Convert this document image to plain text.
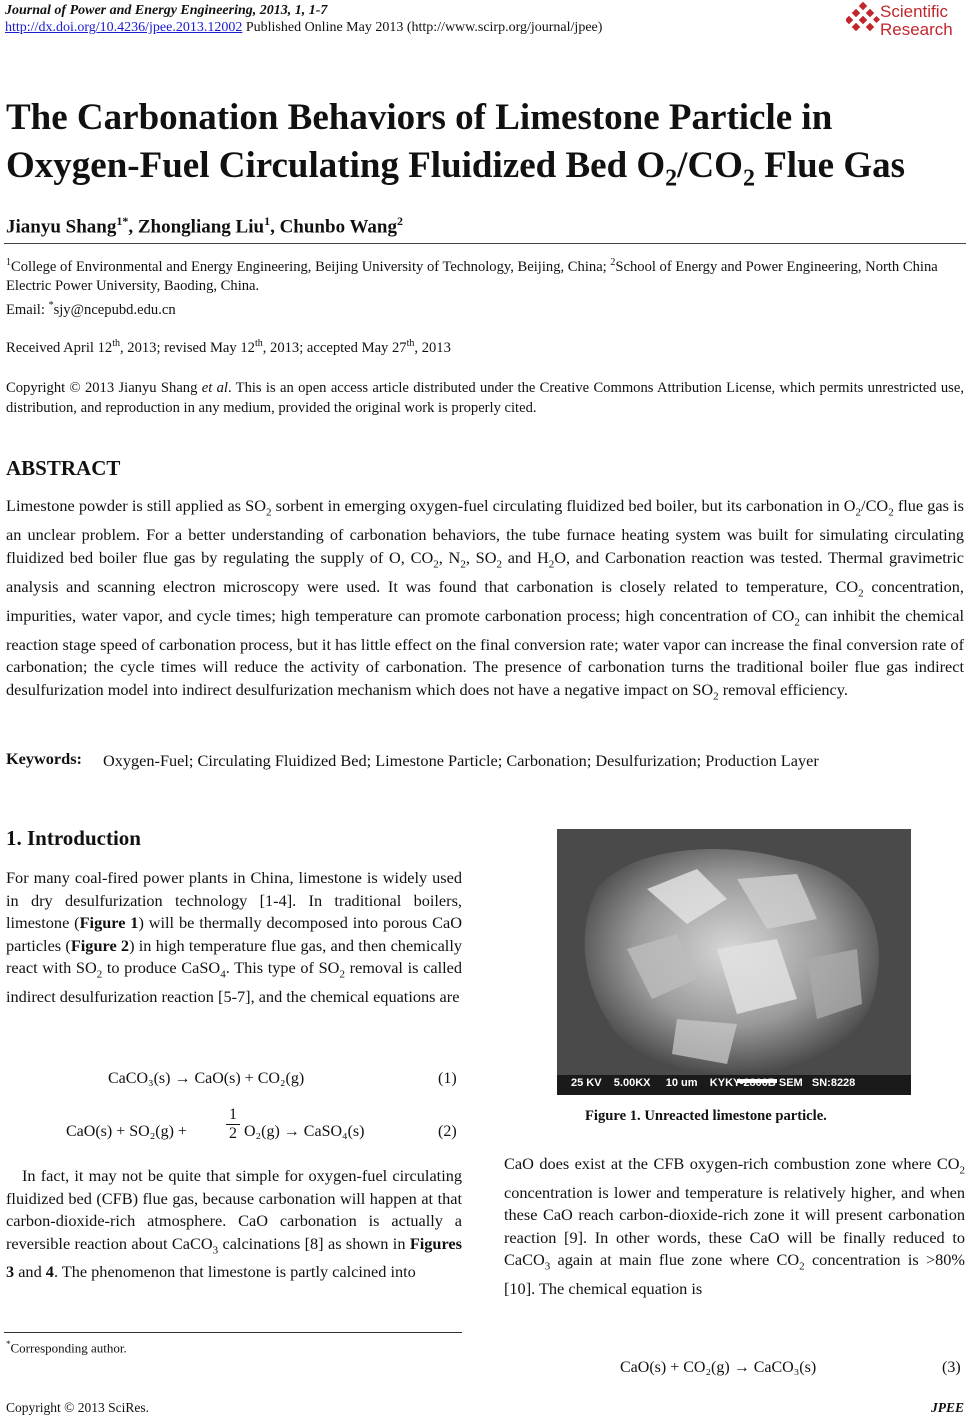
Journal of Power and Energy Engineering, 2013, 1, 1-7
http://dx.doi.org/10.4236/jpee.2013.12002 Published Online May 2013 (http://www.scirp.org/journal/jpee)
Scientific
Research
The Carbonation Behaviors of Limestone Particle in
Oxygen-Fuel Circulating Fluidized Bed $O_2/CO_2$ Flue Gas
Jianyu Shang$^{1*}$, Zhongliang Liu$^1$, Chunbo Wang$^2$
$^1$College of Environmental and Energy Engineering, Beijing University of Technology, Beijing, China; $^2$School of Energy and Power Engineering, North China Electric Power University, Baoding, China.
Email: *sjy@ncepubd.edu.cn
Received April 12th, 2013; revised May 12th, 2013; accepted May 27th, 2013
Copyright © 2013 Jianyu Shang et al. This is an open access article distributed under the Creative Commons Attribution License, which permits unrestricted use, distribution, and reproduction in any medium, provided the original work is properly cited.
ABSTRACT
Limestone powder is still applied as $SO_2$ sorbent in emerging oxygen-fuel circulating fluidized bed boiler, but its carbonation in $O_2/CO_2$ flue gas is an unclear problem. For a better understanding of carbonation behaviors, the tube furnace heating system was built for simulating circulating fluidized bed boiler flue gas by regulating the supply of O, $CO_2$, $N_2$, $SO_2$ and $H_2O$, and Carbonation reaction was tested. Thermal gravimetric analysis and scanning electron microscopy were used. It was found that carbonation is closely related to temperature, $CO_2$ concentration, impurities, water vapor, and cycle times; high temperature can promote carbonation process; high concentration of $CO_2$ can inhibit the chemical reaction stage speed of carbonation process, but it has little effect on the final conversion rate; water vapor can increase the final conversion rate of carbonation; the cycle times will reduce the activity of carbonation. The presence of carbonation turns the traditional boiler flue gas indirect desulfurization model into indirect desulfurization mechanism which does not have a negative impact on $SO_2$ removal efficiency.
Keywords: Oxygen-Fuel; Circulating Fluidized Bed; Limestone Particle; Carbonation; Desulfurization; Production Layer
1. Introduction
For many coal-fired power plants in China, limestone is widely used in dry desulfurization technology [1-4]. In traditional boilers, limestone (Figure 1) will be thermally decomposed into porous CaO particles (Figure 2) in high temperature flue gas, and then chemically react with $SO_2$ to produce CaSO$_4$. This type of $SO_2$ removal is called indirect desulfurization reaction [5-7], and the chemical equations are
CaCO₃(s) → CaO(s) + CO₂(g)	(1)
CaO(s) + SO₂(g) +
1
2 O₂(g) → CaSO₄(s)	(2)
In fact, it may not be quite that simple for oxygen-fuel circulating fluidized bed (CFB) flue gas, because carbonation will happen at that carbon-dioxide-rich atmosphere. CaO carbonation is actually a reversible reaction about CaCO$_3$ calcinations [8] as shown in Figures 3 and 4. The phenomenon that limestone is partly calcined into
25 KV    5.00KX     10 um    KYKY-2800B SEM   SN:8228
Figure 1. Unreacted limestone particle.
CaO does exist at the CFB oxygen-rich combustion zone where $CO_2$ concentration is lower and temperature is relatively higher, and when these CaO reach carbon-dioxide-rich zone it will present carbonation reaction [9]. In other words, these CaO will be finally reduced to CaCO$_3$ again at main flue zone where $CO_2$ concentration is >80% [10]. The chemical equation is
CaO(s) + CO₂(g) → CaCO₃(s)	(3)
*Corresponding author.
Copyright © 2013 SciRes.	JPEE
